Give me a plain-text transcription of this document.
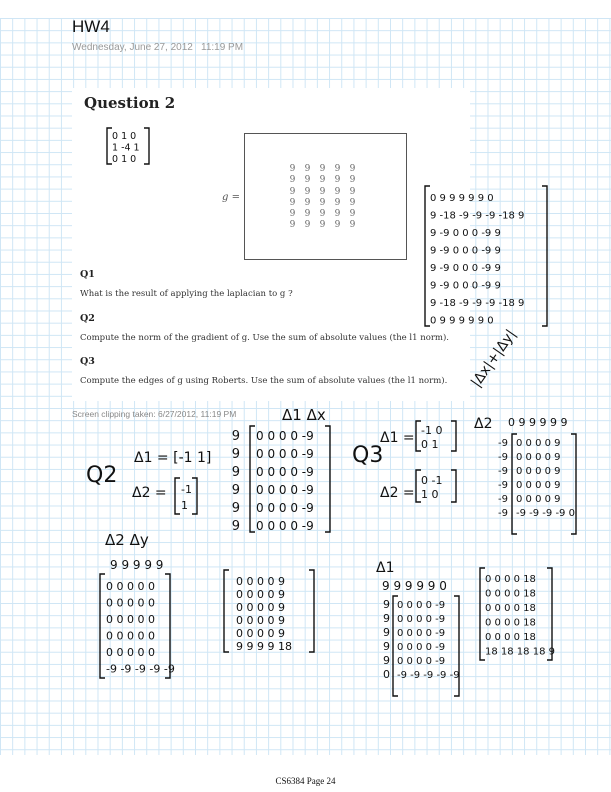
HW4
Wednesday, June 27, 2012 11:19 PM
Question 2
g =
9 9 9 9 9
9 9 9 9 9
9 9 9 9 9
9 9 9 9 9
9 9 9 9 9
9 9 9 9 9
Q1
What is the result of applying the laplacian to g ?
Q2
Compute the norm of the gradient of g. Use the sum of absolute values (the l1 norm).
Q3
Compute the edges of g using Roberts. Use the sum of absolute values (the l1 norm).
Screen clipping taken: 6/27/2012, 11:19 PM
0 1 0
1 -4 1
0 1 0
0 9 9 9 9 9 0
9 -18 -9 -9 -9 -18 9
9 -9 0 0 0 -9 9
9 -9 0 0 0 -9 9
9 -9 0 0 0 -9 9
9 -9 0 0 0 -9 9
9 -18 -9 -9 -9 -18 9
0 9 9 9 9 9 0
|Δx|+|Δy|
Q2
Δ1 = [-1 1]
Δ2 = -1
1
Δ1 Δx
9
9
9
9
9
9
0 0 0 0 -9
0 0 0 0 -9
0 0 0 0 -9
0 0 0 0 -9
0 0 0 0 -9
0 0 0 0 -9
Δ2 Δy
9 9 9 9 9
0 0 0 0 0
0 0 0 0 0
0 0 0 0 0
0 0 0 0 0
0 0 0 0 0
-9 -9 -9 -9 -9
0 0 0 0 9
0 0 0 0 9
0 0 0 0 9
0 0 0 0 9
0 0 0 0 9
9 9 9 9 18
Q3
Δ1 = -1 0
0 1
Δ2 =
0 -1
1 0
Δ2 0 9 9 9 9 9
-9
-9
-9
-9
-9
-9
0 0 0 0 9
0 0 0 0 9
0 0 0 0 9
0 0 0 0 9
0 0 0 0 9
-9 -9 -9 -9 0
Δ1
9 9 9 9 9 0
9
9
9
9
9
0
0 0 0 0 -9
0 0 0 0 -9
0 0 0 0 -9
0 0 0 0 -9
0 0 0 0 -9
-9 -9 -9 -9 -9
0 0 0 0 18
0 0 0 0 18
0 0 0 0 18
0 0 0 0 18
0 0 0 0 18
18 18 18 18 9
CS6384 Page 24
